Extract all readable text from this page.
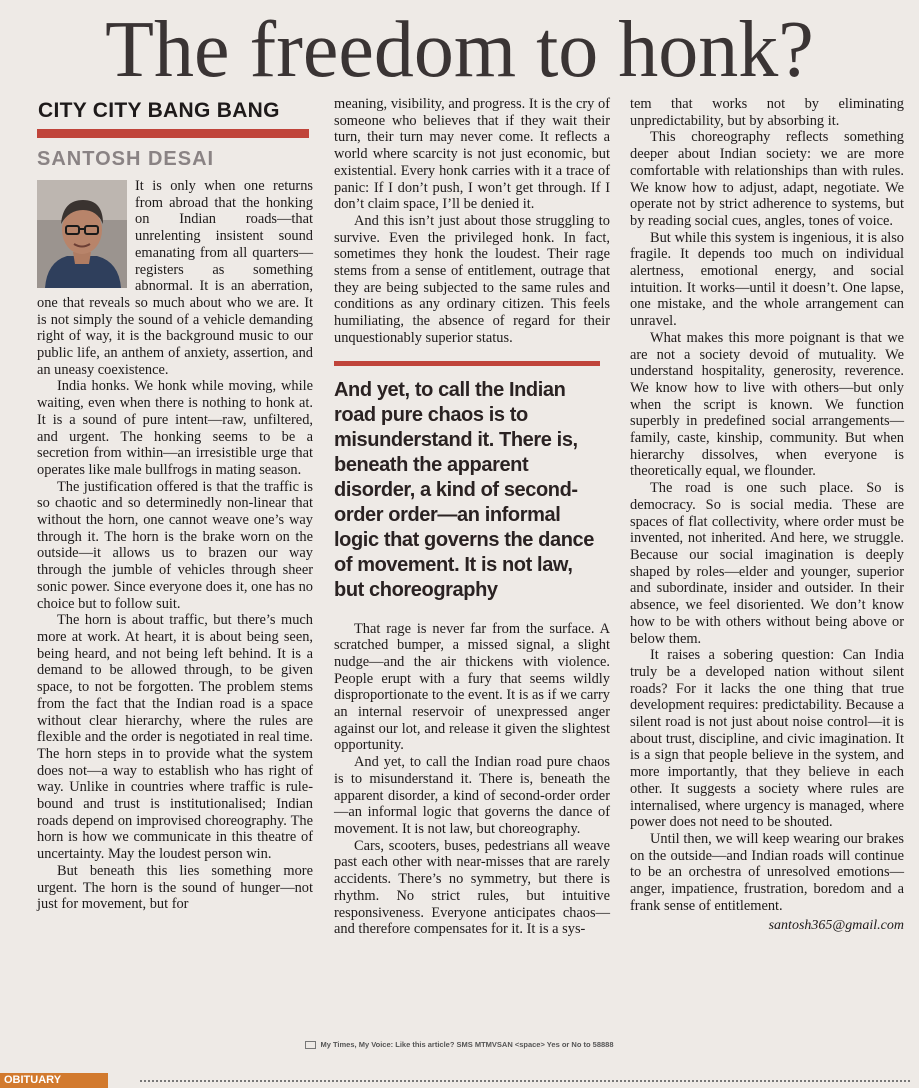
The freedom to honk?
CITY CITY BANG BANG
SANTOSH DESAI

It is only when one returns from abroad that the honking on Indian roads—that unrelenting insistent sound emanating from all quarters—registers as something abnormal. It is an aberration, one that reveals so much about who we are. It is not simply the sound of a vehicle demanding right of way, it is the background music to our public life, an anthem of anxiety, assertion, and an uneasy coexistence.

India honks. We honk while moving, while waiting, even when there is nothing to honk at. It is a sound of pure intent—raw, unfiltered, and urgent. The honking seems to be a secretion from within—an irresistible urge that operates like male bullfrogs in mating season.

The justification offered is that the traffic is so chaotic and so determinedly non-linear that without the horn, one cannot weave one’s way through it. The horn is the brake worn on the outside—it allows us to brazen our way through the jumble of vehicles through sheer sonic power. Since everyone does it, one has no choice but to follow suit.

The horn is about traffic, but there’s much more at work. At heart, it is about being seen, being heard, and not being left behind. It is a demand to be allowed through, to be given space, to not be forgotten. The problem stems from the fact that the Indian road is a space without clear hierarchy, where the rules are flexible and the order is negotiated in real time. The horn steps in to provide what the system does not—a way to establish who has right of way. Unlike in countries where traffic is rule-bound and trust is institutionalised; Indian roads depend on improvised choreography. The horn is how we communicate in this theatre of uncertainty. May the loudest person win.

But beneath this lies something more urgent. The horn is the sound of hunger—not just for movement, but for

meaning, visibility, and progress. It is the cry of someone who believes that if they wait their turn, their turn may never come. It reflects a world where scarcity is not just economic, but existential. Every honk carries with it a trace of panic: If I don’t push, I won’t get through. If I don’t claim space, I’ll be denied it.

And this isn’t just about those struggling to survive. Even the privileged honk. In fact, sometimes they honk the loudest. Their rage stems from a sense of entitlement, outrage that they are being subjected to the same rules and conditions as any ordinary citizen. This feels humiliating, the absence of regard for their unquestionably superior status.

And yet, to call the Indian road pure chaos is to misunderstand it. There is, beneath the apparent disorder, a kind of second-order order—an informal logic that governs the dance of movement. It is not law, but choreography

That rage is never far from the surface. A scratched bumper, a missed signal, a slight nudge—and the air thickens with violence. People erupt with a fury that seems wildly disproportionate to the event. It is as if we carry an internal reservoir of unexpressed anger against our lot, and release it given the slightest opportunity.

And yet, to call the Indian road pure chaos is to misunderstand it. There is, beneath the apparent disorder, a kind of second-order order—an informal logic that governs the dance of movement. It is not law, but choreography.

Cars, scooters, buses, pedestrians all weave past each other with near-misses that are rarely accidents. There’s no symmetry, but there is rhythm. No strict rules, but intuitive responsiveness. Everyone anticipates chaos—and therefore compensates for it. It is a sys-

tem that works not by eliminating unpredictability, but by absorbing it.

This choreography reflects something deeper about Indian society: we are more comfortable with relationships than with rules. We know how to adjust, adapt, negotiate. We operate not by strict adherence to systems, but by reading social cues, angles, tones of voice.

But while this system is ingenious, it is also fragile. It depends too much on individual alertness, emotional energy, and social intuition. It works—until it doesn’t. One lapse, one mistake, and the whole arrangement can unravel.

What makes this more poignant is that we are not a society devoid of mutuality. We understand hospitality, generosity, reverence. We know how to live with others—but only when the script is known. We function superbly in predefined social arrangements—family, caste, kinship, community. But when hierarchy dissolves, when everyone is theoretically equal, we flounder.

The road is one such place. So is democracy. So is social media. These are spaces of flat collectivity, where order must be invented, not inherited. And here, we struggle. Because our social imagination is deeply shaped by roles—elder and younger, superior and subordinate, insider and outsider. In their absence, we feel disoriented. We don’t know how to be with others without being above or below them.

It raises a sobering question: Can India truly be a developed nation without silent roads? For it lacks the one thing that true development requires: predictability. Because a silent road is not just about noise control—it is about trust, discipline, and civic imagination. It is a sign that people believe in the system, and more importantly, that they believe in each other. It suggests a society where rules are internalised, where urgency is managed, where power does not need to be shouted.

Until then, we will keep wearing our brakes on the outside—and Indian roads will continue to be an orchestra of unresolved emotions—anger, impatience, frustration, boredom and a frank sense of entitlement.

santosh365@gmail.com
My Times, My Voice: Like this article? SMS MTMVSAN <space> Yes or No to 58888
OBITUARY
